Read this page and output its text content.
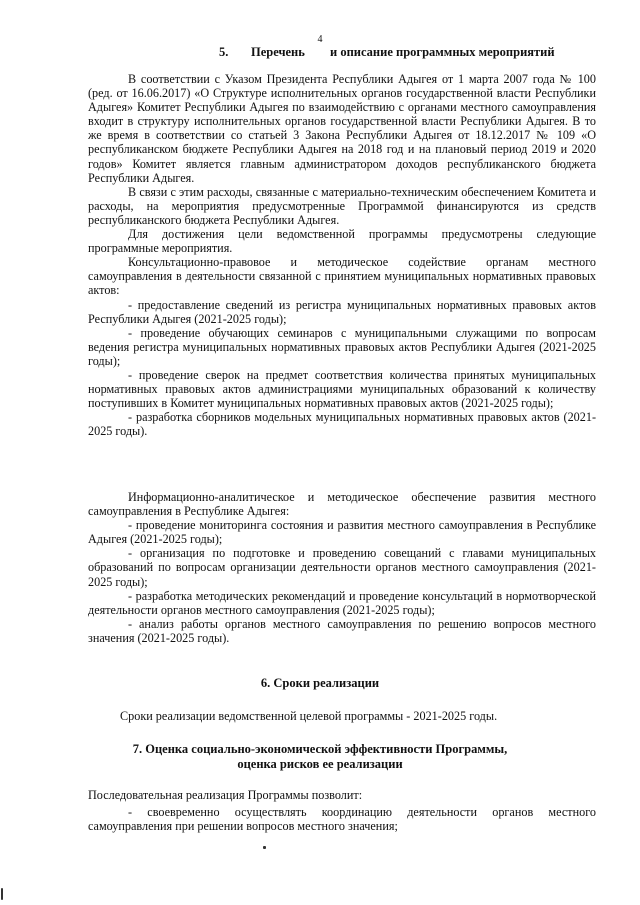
4
5. Перечень и описание программных мероприятий

В соответствии с Указом Президента Республики Адыгея от 1 марта 2007 года № 100 (ред. от 16.06.2017) «О Структуре исполнительных органов государственной власти Республики Адыгея» Комитет Республики Адыгея по взаимодействию с органами местного самоуправления входит в структуру исполнительных органов государственной власти Республики Адыгея. В то же время в соответствии со статьей 3 Закона Республики Адыгея от 18.12.2017 № 109 «О республиканском бюджете Республики Адыгея на 2018 год и на плановый период 2019 и 2020 годов» Комитет является главным администратором доходов республиканского бюджета Республики Адыгея.

В связи с этим расходы, связанные с материально-техническим обеспечением Комитета и расходы, на мероприятия предусмотренные Программой финансируются из средств республиканского бюджета Республики Адыгея.

Для достижения цели ведомственной программы предусмотрены следующие программные мероприятия.

Консультационно-правовое и методическое содействие органам местного самоуправления в деятельности связанной с принятием муниципальных нормативных правовых актов:

- предоставление сведений из регистра муниципальных нормативных правовых актов Республики Адыгея (2021-2025 годы);

- проведение обучающих семинаров с муниципальными служащими по вопросам ведения регистра муниципальных нормативных правовых актов Республики Адыгея (2021-2025 годы);

- проведение сверок на предмет соответствия количества принятых муниципальных нормативных правовых актов администрациями муниципальных образований к количеству поступивших в Комитет муниципальных нормативных правовых актов (2021-2025 годы);

- разработка сборников модельных муниципальных нормативных правовых актов (2021-2025 годы).

Информационно-аналитическое и методическое обеспечение развития местного самоуправления в Республике Адыгея:

- проведение мониторинга состояния и развития местного самоуправления в Республике Адыгея (2021-2025 годы);

- организация по подготовке и проведению совещаний с главами муниципальных образований по вопросам организации деятельности органов местного самоуправления (2021-2025 годы);

- разработка методических рекомендаций и проведение консультаций в нормотворческой деятельности органов местного самоуправления (2021-2025 годы);

- анализ работы органов местного самоуправления по решению вопросов местного значения (2021-2025 годы).

6. Сроки реализации
Сроки реализации ведомственной целевой программы - 2021-2025 годы.
7. Оценка социально-экономической эффективности Программы,
оценка рисков ее реализации
Последовательная реализация Программы позволит:

- своевременно осуществлять координацию деятельности органов местного самоуправления при решении вопросов местного значения;
